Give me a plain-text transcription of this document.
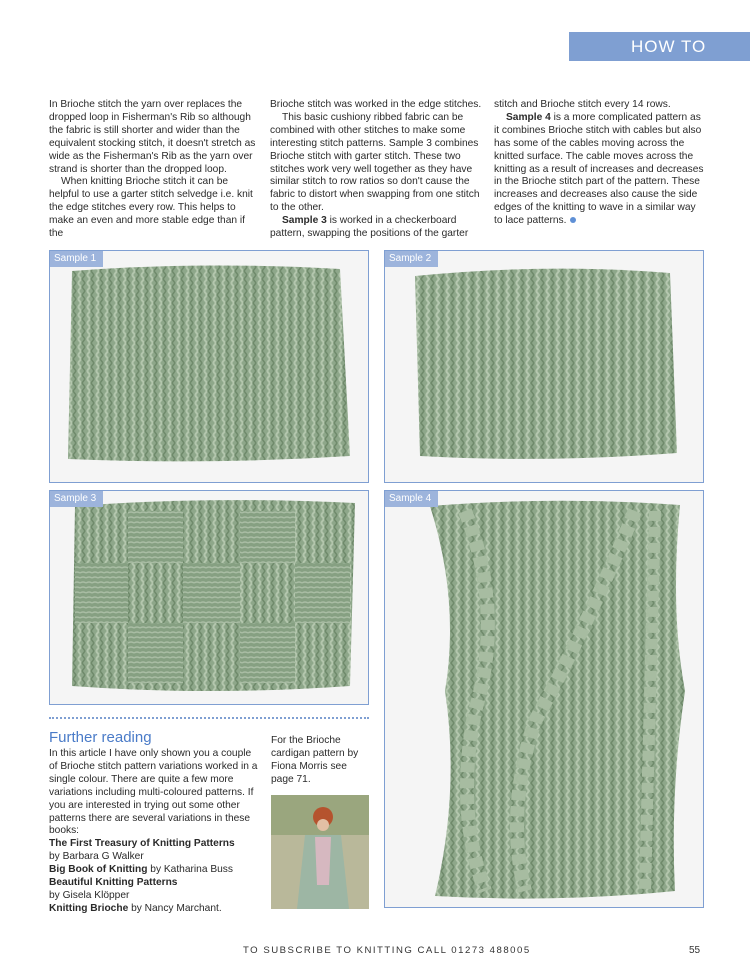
HOW TO

In Brioche stitch the yarn over replaces the dropped loop in Fisherman's Rib so although the fabric is still shorter and wider than the equivalent stocking stitch, it doesn't stretch as wide as the Fisherman's Rib as the yarn over strand is shorter than the dropped loop.

When knitting Brioche stitch it can be helpful to use a garter stitch selvedge i.e. knit the edge stitches every row. This helps to make an even and more stable edge than if the

Brioche stitch was worked in the edge stitches.

This basic cushiony ribbed fabric can be combined with other stitches to make some interesting stitch patterns. Sample 3 combines Brioche stitch with garter stitch. These two stitches work very well together as they have similar stitch to row ratios so don't cause the fabric to distort when swapping from one stitch to the other.

Sample 3 is worked in a checkerboard pattern, swapping the positions of the garter

stitch and Brioche stitch every 14 rows.

Sample 4 is a more complicated pattern as it combines Brioche stitch with cables but also has some of the cables moving across the knitted surface. The cable moves across the knitting as a result of increases and decreases in the Brioche stitch part of the pattern. These increases and decreases also cause the side edges of the knitting to wave in a similar way to lace patterns.

Sample 1	Sample 2
Sample 3	Sample 4
Further reading

In this article I have only shown you a couple of Brioche stitch pattern variations worked in a single colour. There are quite a few more variations including multi-coloured patterns. If you are interested in trying out some other patterns there are several variations in these books:

The First Treasury of Knitting Patterns

by Barbara G Walker

Big Book of Knitting by Katharina Buss

Beautiful Knitting Patterns

by Gisela Klöpper

Knitting Brioche by Nancy Marchant.

For the Brioche cardigan pattern by Fiona Morris see page 71.
TO SUBSCRIBE TO KNITTING CALL 01273 488005	55
